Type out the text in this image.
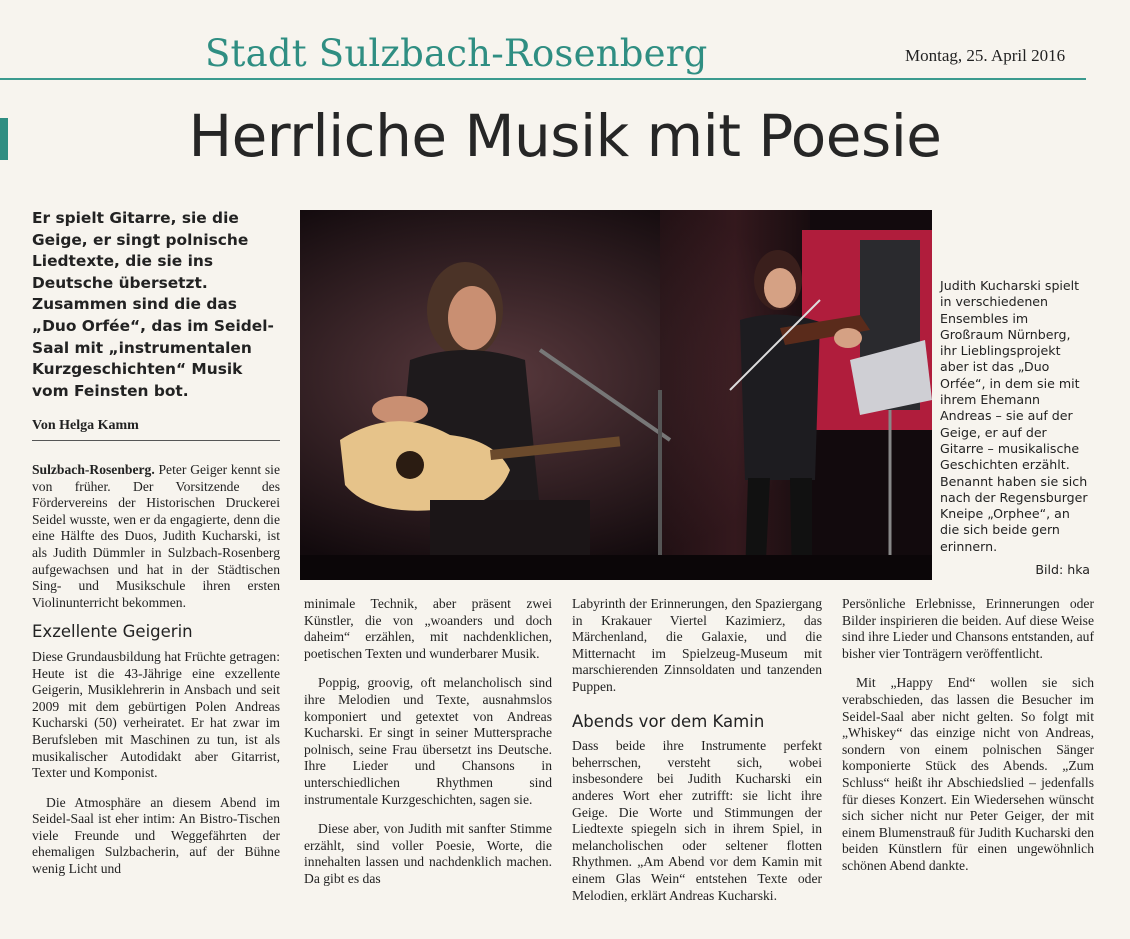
Stadt Sulzbach-Rosenberg	Montag, 25. April 2016
Herrliche Musik mit Poesie
Er spielt Gitarre, sie die Geige, er singt polnische Liedtexte, die sie ins Deutsche übersetzt. Zusammen sind die das „Duo Orfée“, das im Seidel-Saal mit „instrumentalen Kurzgeschichten“ Musik vom Feinsten bot.
Von Helga Kamm

Sulzbach-Rosenberg. Peter Geiger kennt sie von früher. Der Vorsitzende des Fördervereins der Historischen Druckerei Seidel wusste, wen er da engagierte, denn die eine Hälfte des Duos, Judith Kucharski, ist als Judith Dümmler in Sulzbach-Rosenberg aufgewachsen und hat in der Städtischen Sing- und Musikschule ihren ersten Violinunterricht bekommen.

Exzellente Geigerin

Diese Grundausbildung hat Früchte getragen: Heute ist die 43-Jährige eine exzellente Geigerin, Musiklehrerin in Ansbach und seit 2009 mit dem gebürtigen Polen Andreas Kucharski (50) verheiratet. Er hat zwar im Berufsleben mit Maschinen zu tun, ist als musikalischer Autodidakt aber Gitarrist, Texter und Komponist.

Die Atmosphäre an diesem Abend im Seidel-Saal ist eher intim: An Bistro-Tischen viele Freunde und Weggefährten der ehemaligen Sulzbacherin, auf der Bühne wenig Licht und

minimale Technik, aber präsent zwei Künstler, die von „woanders und doch daheim“ erzählen, mit nachdenklichen, poetischen Texten und wunderbarer Musik.

Poppig, groovig, oft melancholisch sind ihre Melodien und Texte, ausnahmslos komponiert und getextet von Andreas Kucharski. Er singt in seiner Muttersprache polnisch, seine Frau übersetzt ins Deutsche. Ihre Lieder und Chansons in unterschiedlichen Rhythmen sind instrumentale Kurzgeschichten, sagen sie.

Diese aber, von Judith mit sanfter Stimme erzählt, sind voller Poesie, Worte, die innehalten lassen und nachdenklich machen. Da gibt es das

Labyrinth der Erinnerungen, den Spaziergang in Krakauer Viertel Kazimierz, das Märchenland, die Galaxie, und die Mitternacht im Spielzeug-Museum mit marschierenden Zinnsoldaten und tanzenden Puppen.

Abends vor dem Kamin

Dass beide ihre Instrumente perfekt beherrschen, versteht sich, wobei insbesondere bei Judith Kucharski ein anderes Wort eher zutrifft: sie licht ihre Geige. Die Worte und Stimmungen der Liedtexte spiegeln sich in ihrem Spiel, in melancholischen oder seltener flotten Rhythmen. „Am Abend vor dem Kamin mit einem Glas Wein“ entstehen Texte oder Melodien, erklärt Andreas Kucharski.

Persönliche Erlebnisse, Erinnerungen oder Bilder inspirieren die beiden. Auf diese Weise sind ihre Lieder und Chansons entstanden, auf bisher vier Tonträgern veröffentlicht.

Mit „Happy End“ wollen sie sich verabschieden, das lassen die Besucher im Seidel-Saal aber nicht gelten. So folgt mit „Whiskey“ das einzige nicht von Andreas, sondern von einem polnischen Sänger komponierte Stück des Abends. „Zum Schluss“ heißt ihr Abschiedslied – jedenfalls für dieses Konzert. Ein Wiedersehen wünscht sich sicher nicht nur Peter Geiger, der mit einem Blumenstrauß für Judith Kucharski den beiden Künstlern für einen ungewöhnlich schönen Abend dankte.

Judith Kucharski spielt in verschiedenen Ensembles im Großraum Nürnberg, ihr Lieblingsprojekt aber ist das „Duo Orfée“, in dem sie mit ihrem Ehemann Andreas – sie auf der Geige, er auf der Gitarre – musikalische Geschichten erzählt. Benannt haben sie sich nach der Regensburger Kneipe „Orphee“, an die sich beide gern erinnern.
Bild: hka
